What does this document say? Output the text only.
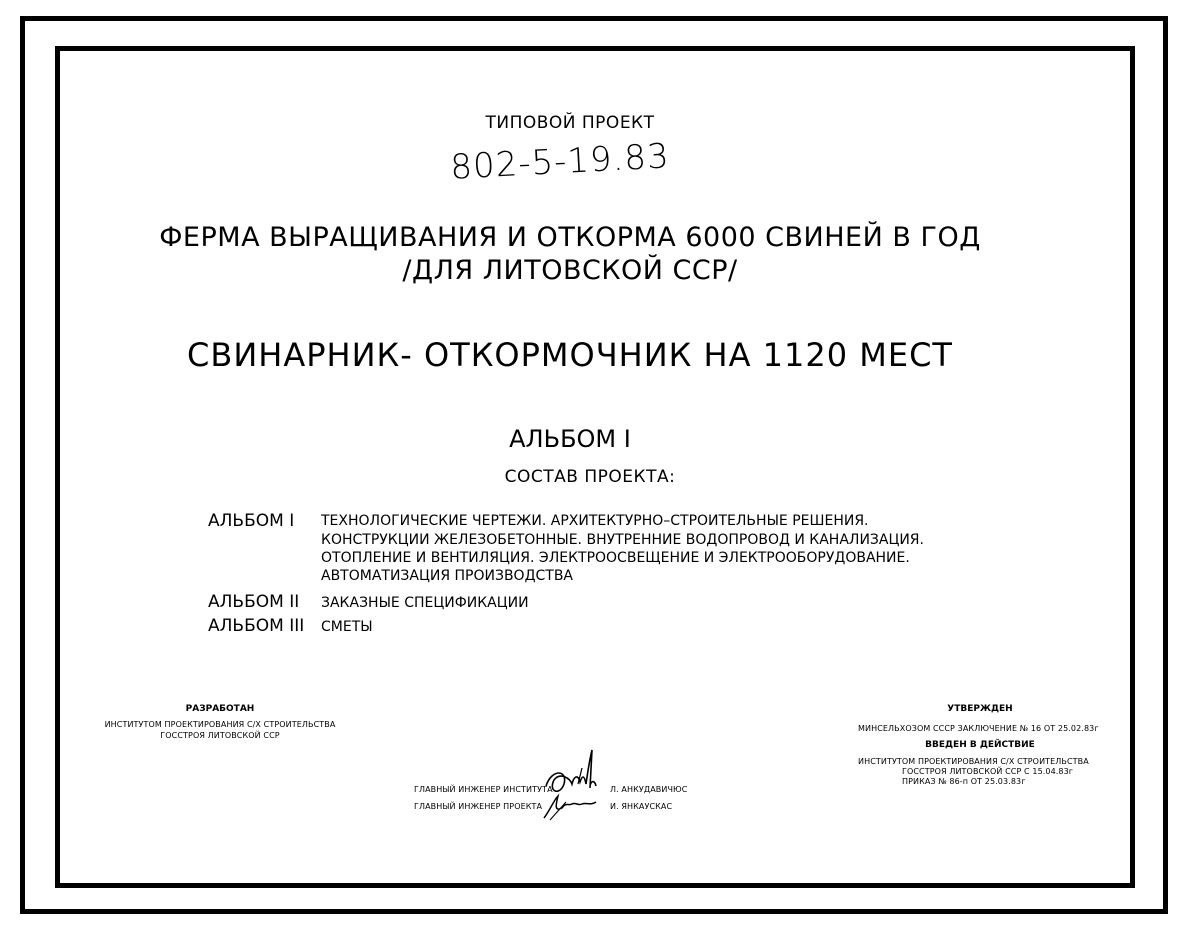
ТИПОВОЙ ПРОЕКТ
802-5-19.83
ФЕРМА ВЫРАЩИВАНИЯ И ОТКОРМА 6000 СВИНЕЙ В ГОД
/ДЛЯ ЛИТОВСКОЙ ССР/
СВИНАРНИК- ОТКОРМОЧНИК НА 1120 МЕСТ
АЛЬБОМ I
СОСТАВ ПРОЕКТА:
АЛЬБОМ I ТЕХНОЛОГИЧЕСКИЕ ЧЕРТЕЖИ. АРХИТЕКТУРНО–СТРОИТЕЛЬНЫЕ РЕШЕНИЯ.
КОНСТРУКЦИИ ЖЕЛЕЗОБЕТОННЫЕ. ВНУТРЕННИЕ ВОДОПРОВОД И КАНАЛИЗАЦИЯ.
ОТОПЛЕНИЕ И ВЕНТИЛЯЦИЯ. ЭЛЕКТРООСВЕЩЕНИЕ И ЭЛЕКТРООБОРУДОВАНИЕ.
АВТОМАТИЗАЦИЯ ПРОИЗВОДСТВА
АЛЬБОМ II ЗАКАЗНЫЕ СПЕЦИФИКАЦИИ
АЛЬБОМ III СМЕТЫ
РАЗРАБОТАН
ИНСТИТУТОМ ПРОЕКТИРОВАНИЯ С/Х СТРОИТЕЛЬСТВА
ГОССТРОЯ ЛИТОВСКОЙ ССР
ГЛАВНЫЙ ИНЖЕНЕР ИНСТИТУТА
ГЛАВНЫЙ ИНЖЕНЕР ПРОЕКТА
Л. АНКУДАВИЧЮС
И. ЯНКАУСКАС
УТВЕРЖДЕН
МИНСЕЛЬХОЗОМ СССР ЗАКЛЮЧЕНИЕ № 16 ОТ 25.02.83г
ВВЕДЕН В ДЕЙСТВИЕ
ИНСТИТУТОМ ПРОЕКТИРОВАНИЯ С/Х СТРОИТЕЛЬСТВА
ГОССТРОЯ ЛИТОВСКОЙ ССР С 15.04.83г
ПРИКАЗ № 86-п ОТ 25.03.83г
